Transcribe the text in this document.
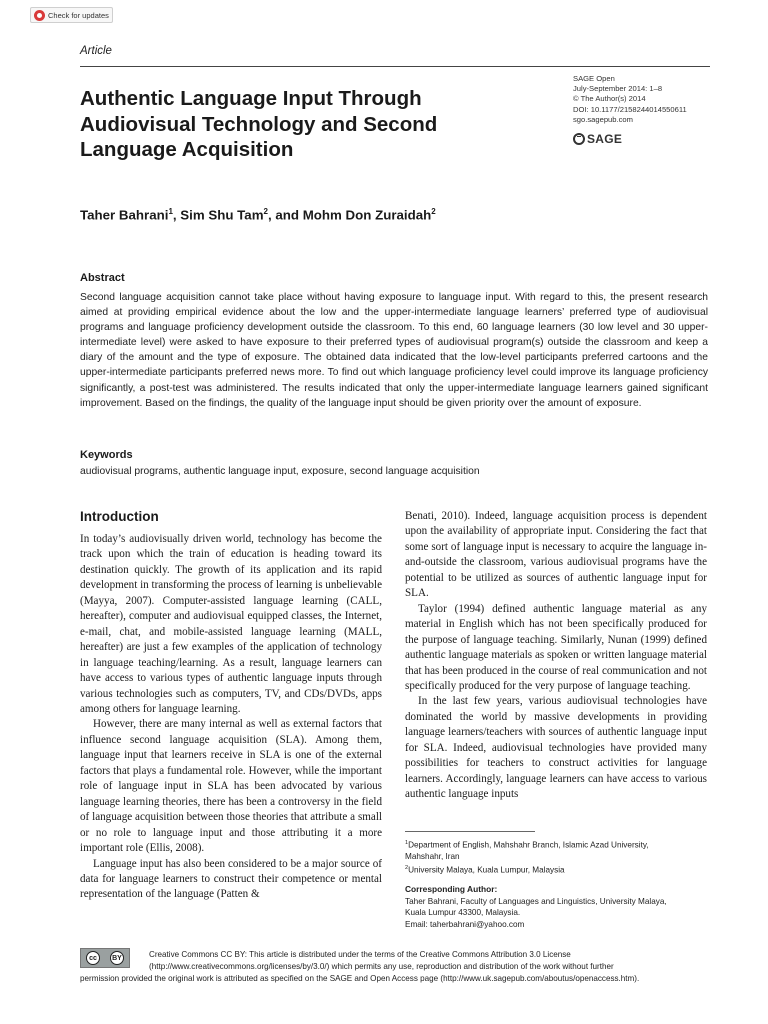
Check for updates
Article
Authentic Language Input Through Audiovisual Technology and Second Language Acquisition
SAGE Open
July-September 2014: 1–8
© The Author(s) 2014
DOI: 10.1177/2158244014550611
sgo.sagepub.com
SAGE
Taher Bahrani$^1$, Sim Shu Tam$^2$, and Mohm Don Zuraidah$^2$
Abstract

Second language acquisition cannot take place without having exposure to language input. With regard to this, the present research aimed at providing empirical evidence about the low and the upper-intermediate language learners’ preferred type of audiovisual programs and language proficiency development outside the classroom. To this end, 60 language learners (30 low level and 30 upper-intermediate level) were asked to have exposure to their preferred types of audiovisual program(s) outside the classroom and keep a diary of the amount and the type of exposure. The obtained data indicated that the low-level participants preferred cartoons and the upper-intermediate participants preferred news more. To find out which language proficiency level could improve its language proficiency significantly, a post-test was administered. The results indicated that only the upper-intermediate language learners gained significant improvement. Based on the findings, the quality of the language input should be given priority over the amount of exposure.

Keywords
audiovisual programs, authentic language input, exposure, second language acquisition
Introduction

In today’s audiovisually driven world, technology has become the track upon which the train of education is heading toward its destination quickly. The growth of its application and its rapid development in transforming the process of learning is unbelievable (Mayya, 2007). Computer-assisted language learning (CALL, hereafter), computer and audiovisual equipped classes, the Internet, e-mail, chat, and mobile-assisted language learning (MALL, hereafter) are just a few examples of the application of technology in language teaching/learning. As a result, language learners can have access to various types of authentic language inputs through various technologies such as computers, TV, and CDs/DVDs, apps among others for language learning.

However, there are many internal as well as external factors that influence second language acquisition (SLA). Among them, language input that learners receive in SLA is one of the external factors that plays a fundamental role. However, while the important role of language input in SLA has been advocated by various language learning theories, there has been a controversy in the field of language acquisition between those theories that attribute a small or no role to language input and those attributing it a more important role (Ellis, 2008).

Language input has also been considered to be a major source of data for language learners to construct their competence or mental representation of the language (Patten &

Benati, 2010). Indeed, language acquisition process is dependent upon the availability of appropriate input. Considering the fact that some sort of language input is necessary to acquire the language in-and-outside the classroom, various audiovisual programs have the potential to be utilized as sources of authentic language input for SLA.

Taylor (1994) defined authentic language material as any material in English which has not been specifically produced for the purpose of language teaching. Similarly, Nunan (1999) defined authentic language materials as spoken or written language material that has been produced in the course of real communication and not specifically produced for the very purpose of language teaching.

In the last few years, various audiovisual technologies have dominated the world by massive developments in providing language learners/teachers with sources of authentic language input for SLA. Indeed, audiovisual technologies have provided many possibilities for teachers to construct activities for language learners. Accordingly, language learners can have access to various authentic language inputs

$^1$Department of English, Mahshahr Branch, Islamic Azad University,
Mahshahr, Iran
$^2$University Malaya, Kuala Lumpur, Malaysia
Corresponding Author:
Taher Bahrani, Faculty of Languages and Linguistics, University Malaya,
Kuala Lumpur 43300, Malaysia.
Email: taherbahrani@yahoo.com
cc	BY	Creative Commons CC BY: This article is distributed under the terms of the Creative Commons Attribution 3.0 License
(http://www.creativecommons.org/licenses/by/3.0/) which permits any use, reproduction and distribution of the work without further
permission provided the original work is attributed as specified on the SAGE and Open Access page (http://www.uk.sagepub.com/aboutus/openaccess.htm).
